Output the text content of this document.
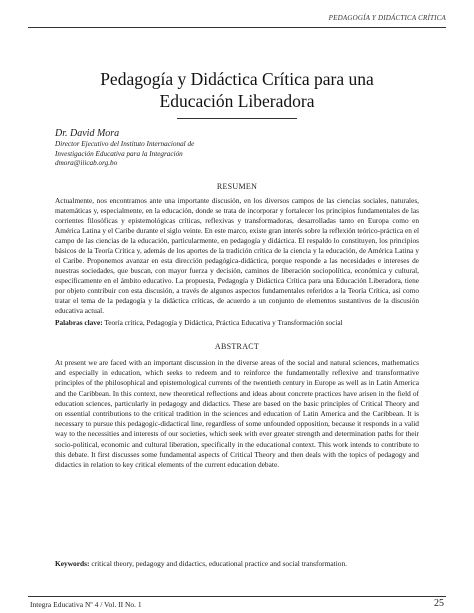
PEDAGOGÍA Y DIDÁCTICA CRÍTICA
Pedagogía y Didáctica Crítica para una
Educación Liberadora
Dr. David Mora
Director Ejecutivo del Instituto Internacional de
Investigación Educativa para la Integración
dmora@iiicab.org.bo
RESUMEN
Actualmente, nos encontramos ante una importante discusión, en los diversos campos de las ciencias sociales, naturales, matemáticas y, especialmente, en la educación, donde se trata de incorporar y fortalecer los principios fundamentales de las corrientes filosóficas y epistemológicas críticas, reflexivas y transformadoras, desarrolladas tanto en Europa como en América Latina y el Caribe durante el siglo veinte. En este marco, existe gran interés sobre la reflexión teórico-práctica en el campo de las ciencias de la educación, particularmente, en pedagogía y didáctica. El respaldo lo constituyen, los principios básicos de la Teoría Crítica y, además de los aportes de la tradición crítica de la ciencia y la educación, de América Latina y el Caribe. Proponemos avanzar en esta dirección pedagógica-didáctica, porque responde a las necesidades e intereses de nuestras sociedades, que buscan, con mayor fuerza y decisión, caminos de liberación sociopolítica, económica y cultural, específicamente en el ámbito educativo. La propuesta, Pedagogía y Didáctica Crítica para una Educación Liberadora, tiene por objeto contribuir con esta discusión, a través de algunos aspectos fundamentales referidos a la Teoría Crítica, así como tratar el tema de la pedagogía y la didáctica críticas, de acuerdo a un conjunto de elementos sustantivos de la discusión educativa actual.
Palabras clave: Teoría crítica, Pedagogía y Didáctica, Práctica Educativa y Transformación social
ABSTRACT
At present we are faced with an important discussion in the diverse areas of the social and natural sciences, mathematics and especially in education, which seeks to redeem and to reinforce the fundamentally reflexive and transformative principles of the philosophical and epistemological currents of the twentieth century in Europe as well as in Latin America and the Caribbean. In this context, new theoretical reflections and ideas about concrete practices have arisen in the field of education sciences, particularly in pedagogy and didactics. These are based on the basic principles of Critical Theory and on essential contributions to the critical tradition in the sciences and education of Latin America and the Caribbean. It is necessary to pursue this pedagogic-didactical line, regardless of some unfounded opposition, because it responds in a valid way to the necessities and interests of our societies, which seek with ever greater strength and determination paths for their socio-political, economic and cultural liberation, specifically in the educational context. This work intends to contribute to this debate. It first discusses some fundamental aspects of Critical Theory and then deals with the topics of pedagogy and didactics in relation to key critical elements of the current education debate.
Keywords: critical theory, pedagogy and didactics, educational practice and social transformation.
Integra Educativa Nº 4 / Vol. II No. 1	25
